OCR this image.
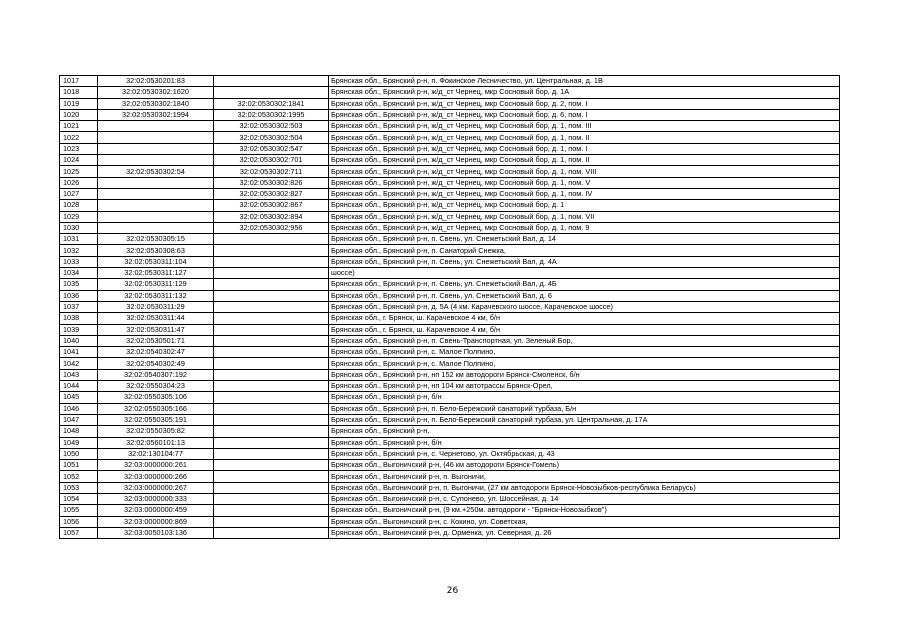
1017	32:02:0530201:83		Брянская обл., Брянский р-н, п. Фокинское Лесничество, ул. Центральная, д. 1В
1018	32:02:0530302:1620		Брянская обл., Брянский р-н, ж/д_ст Чернец, мкр Сосновый бор, д. 1А
1019	32:02:0530302:1840	32:02:0530302:1841	Брянская обл., Брянский р-н, ж/д_ст Чернец, мкр Сосновый бор, д. 2, пом. I
1020	32:02:0530302:1994	32:02:0530302:1995	Брянская обл., Брянский р-н, ж/д_ст Чернец, мкр Сосновый бор, д. 6, пом. I
1021		32:02:0530302:503	Брянская обл., Брянский р-н, ж/д_ст Чернец, мкр Сосновый бор, д. 1, пом. III
1022		32:02:0530302:504	Брянская обл., Брянский р-н, ж/д_ст Чернец, мкр Сосновый бор, д. 1, пом. II
1023		32:02:0530302:547	Брянская обл., Брянский р-н, ж/д_ст Чернец, мкр Сосновый бор, д. 1, пом. I
1024		32:02:0530302:701	Брянская обл., Брянский р-н, ж/д_ст Чернец, мкр Сосновый бор, д. 1, пом. II
1025	32:02:0530302:54	32:02:0530302:711	Брянская обл., Брянский р-н, ж/д_ст Чернец, мкр Сосновый бор, д. 1, пом. VIII
1026		32:02:0530302:826	Брянская обл., Брянский р-н, ж/д_ст Чернец, мкр Сосновый бор, д. 1, пом. V
1027		32:02:0530302:827	Брянская обл., Брянский р-н, ж/д_ст Чернец, мкр Сосновый бор, д. 1, пом. IV
1028		32:02:0530302:867	Брянская обл., Брянский р-н, ж/д_ст Чернец, мкр Сосновый бор, д. 1
1029		32:02:0530302:894	Брянская обл., Брянский р-н, ж/д_ст Чернец, мкр Сосновый бор, д. 1, пом. VII
1030		32:02:0530302:956	Брянская обл., Брянский р-н, ж/д_ст Чернец, мкр Сосновый бор, д. 1, пом. 9
1031	32:02:0530305:15		Брянская обл., Брянский р-н, п. Свень, ул. Снежетьский Вал, д. 14
1032	32:02:0530308:63		Брянская обл., Брянский р-н, п. Санаторий Снежка,
1033	32:02:0530311:104		Брянская обл., Брянский р-н, п. Свень, ул. Снежетьский Вал, д. 4А
1034	32:02:0530311:127		шоссе)
1035	32:02:0530311:129		Брянская обл., Брянский р-н, п. Свень, ул. Снежетьский Вал, д. 4Б
1036	32:02:0530311:132		Брянская обл., Брянский р-н, п. Свень, ул. Снежетьский Вал, д. 6
1037	32:02:0530311:29		Брянская обл., Брянский р-н, д. 5А (4 км. Карачевского шоссе, Карачевское шоссе)
1038	32:02:0530311:44		Брянская обл., г. Брянск, ш. Карачевское 4 км, б/н
1039	32:02:0530311:47		Брянская обл., г. Брянск, ш. Карачевское 4 км, б/н
1040	32:02:0530501:71		Брянская обл., Брянский р-н, п. Свень-Транспортная, ул. Зеленый Бор,
1041	32:02:0540302:47		Брянская обл., Брянский р-н, с. Малое Полпино,
1042	32:02:0540302:49		Брянская обл., Брянский р-н, с. Малое Полпино,
1043	32:02:0540307:192		Брянская обл., Брянский р-н, нп 152 км автодороги Брянск-Смоленск, б/н
1044	32:02:0550304:23		Брянская обл., Брянский р-н, нп 104 км автотрассы Брянск-Орел,
1045	32:02:0550305:106		Брянская обл., Брянский р-н, б/н
1046	32:02:0550305:166		Брянская обл., Брянский р-н, п. Бело-Бережский санаторий турбаза, Б/н
1047	32:02:0550305:191		Брянская обл., Брянский р-н, п. Бело-Бережский санаторий турбаза, ул. Центральная, д. 17А
1048	32:02:0550305:82		Брянская обл., Брянский р-н,
1049	32:02:0560101:13		Брянская обл., Брянский р-н, б/н
1050	32:02:130104:77		Брянская обл., Брянский р-н, с. Чернетово, ул. Октябрьская, д. 43
1051	32:03:0000000:261		Брянская обл., Выгоничский р-н, (46 км автодороги Брянск-Гомель)
1052	32:03:0000000:266		Брянская обл., Выгоничский р-н, п. Выгоничи,
1053	32:03:0000000:267		Брянская обл., Выгоничский р-н, п. Выгоничи, (27 км автодороги Брянск-Новозыбков-республика Беларусь)
1054	32:03:0000000:333		Брянская обл., Выгоничский р-н, с. Супонево, ул. Шоссейная, д. 14
1055	32:03:0000000:459		Брянская обл., Выгоничский р-н, (9 км.+250м. автодороги - "Брянск-Новозыбков")
1056	32:03:0000000:869		Брянская обл., Выгоничский р-н, с. Кокино, ул. Советская,
1057	32:03:0050103:136		Брянская обл., Выгоничский р-н, д. Орменка, ул. Северная, д. 26
26
